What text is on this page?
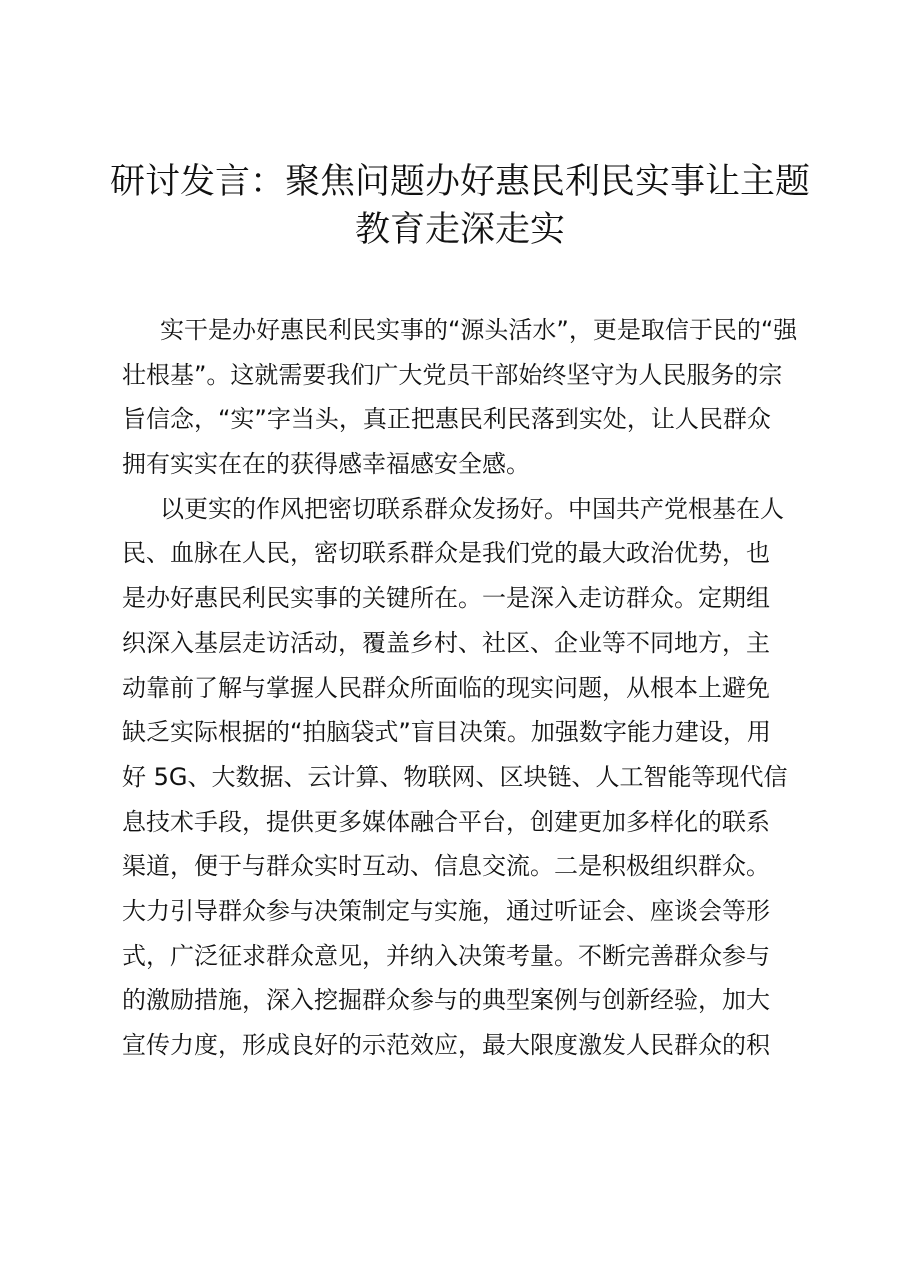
研讨发言：聚焦问题办好惠民利民实事让主题
教育走深走实
实干是办好惠民利民实事的“源头活水”，更是取信于民的“强
壮根基”。这就需要我们广大党员干部始终坚守为人民服务的宗
旨信念，“实”字当头，真正把惠民利民落到实处，让人民群众
拥有实实在在的获得感幸福感安全感。
以更实的作风把密切联系群众发扬好。中国共产党根基在人
民、血脉在人民，密切联系群众是我们党的最大政治优势，也
是办好惠民利民实事的关键所在。一是深入走访群众。定期组
织深入基层走访活动，覆盖乡村、社区、企业等不同地方，主
动靠前了解与掌握人民群众所面临的现实问题，从根本上避免
缺乏实际根据的“拍脑袋式”盲目决策。加强数字能力建设，用
好 5G、大数据、云计算、物联网、区块链、人工智能等现代信
息技术手段，提供更多媒体融合平台，创建更加多样化的联系
渠道，便于与群众实时互动、信息交流。二是积极组织群众。
大力引导群众参与决策制定与实施，通过听证会、座谈会等形
式，广泛征求群众意见，并纳入决策考量。不断完善群众参与
的激励措施，深入挖掘群众参与的典型案例与创新经验，加大
宣传力度，形成良好的示范效应，最大限度激发人民群众的积
